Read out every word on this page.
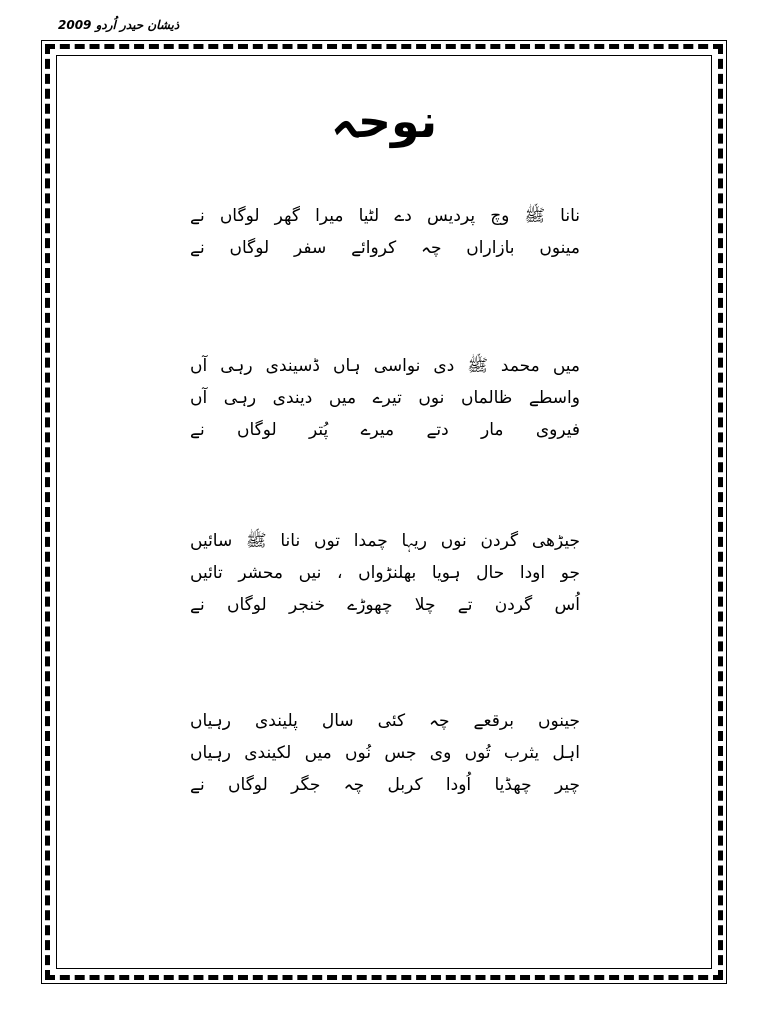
ذیشان حیدر اُردو 2009
نوحہ
نانا ﷺ وچ پردیس دے لٹیا میرا گھر لوگاں نے
مینوں بازاراں چہ کروائے سفر لوگاں نے
میں محمد ﷺ دی نواسی ہاں ڈسیندی رہی آں
واسطے ظالماں نوں تیرے میں دیندی رہی آں
فیروی مار دتے میرے پُتر لوگاں نے
جیڑھی گردن نوں ریہا چمدا توں نانا ﷺ سائیں
جو اودا حال ہویا بھلنڑواں ، نیں محشر تائیں
اُس گردن تے چلا چھوڑے خنجر لوگاں نے
جینوں برقعے چہ کئی سال پلیندی رہیاں
اہل یثرب تُوں وی جس نُوں میں لکیندی رہیاں
چیر چھڈیا اُودا کربل چہ جگر لوگاں نے
